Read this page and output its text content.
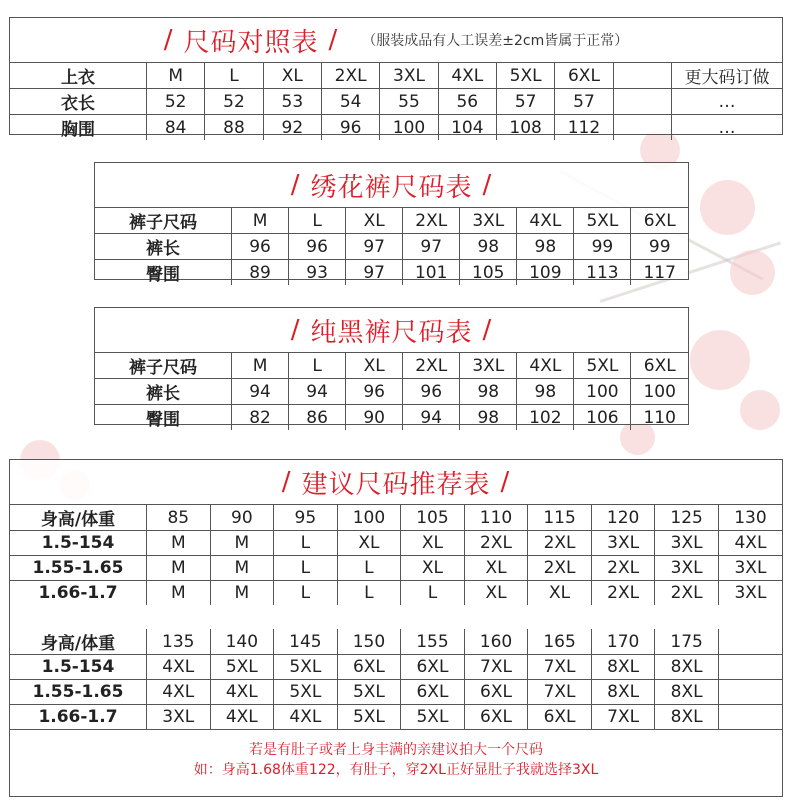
/ 尺码对照表 / （服装成品有人工误差±2cm皆属于正常）
上衣	M	L	XL	2XL	3XL	4XL	5XL	6XL		更大码订做
衣长	52	52	53	54	55	56	57	57		…
胸围	84	88	92	96	100	104	108	112		…
/ 绣花裤尺码表 /
裤子尺码	M	L	XL	2XL	3XL	4XL	5XL	6XL
裤长	96	96	97	97	98	98	99	99
臀围	89	93	97	101	105	109	113	117
/ 纯黑裤尺码表 /
裤子尺码	M	L	XL	2XL	3XL	4XL	5XL	6XL
裤长	94	94	96	96	98	98	100	100
臀围	82	86	90	94	98	102	106	110
/ 建议尺码推荐表 /
身高/体重	85	90	95	100	105	110	115	120	125	130
1.5-154	M	M	L	XL	XL	2XL	2XL	3XL	3XL	4XL
1.55-1.65	M	M	L	L	XL	XL	2XL	2XL	3XL	3XL
1.66-1.7	M	M	L	L	L	XL	XL	2XL	2XL	3XL
身高/体重	135	140	145	150	155	160	165	170	175	
1.5-154	4XL	5XL	5XL	6XL	6XL	7XL	7XL	8XL	8XL	
1.55-1.65	4XL	4XL	5XL	5XL	6XL	6XL	7XL	8XL	8XL	
1.66-1.7	3XL	4XL	4XL	5XL	5XL	6XL	6XL	7XL	8XL	
若是有肚子或者上身丰满的亲建议拍大一个尺码
如：身高1.68体重122，有肚子，穿2XL正好显肚子我就选择3XL
